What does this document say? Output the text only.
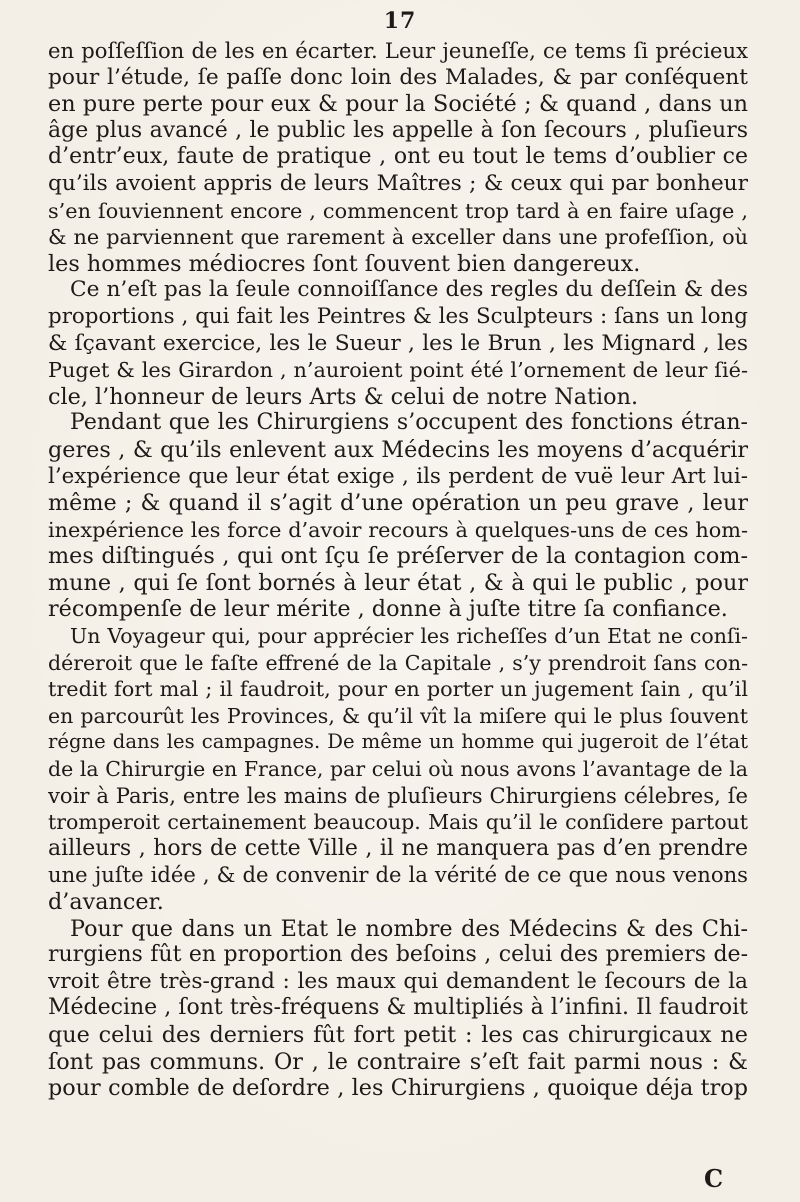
17
en poſſeſſion de les en écarter. Leur jeuneſſe, ce tems ſi précieux
pour l’étude, ſe paſſe donc loin des Malades, & par conſéquent
en pure perte pour eux & pour la Société ; & quand , dans un
âge plus avancé , le public les appelle à ſon ſecours , pluſieurs
d’entr’eux, faute de pratique , ont eu tout le tems d’oublier ce
qu’ils avoient appris de leurs Maîtres ; & ceux qui par bonheur
s’en ſouviennent encore , commencent trop tard à en faire uſage ,
& ne parviennent que rarement à exceller dans une profeſſion, où
les hommes médiocres ſont ſouvent bien dangereux.
Ce n’eſt pas la ſeule connoiſſance des regles du deſſein & des
proportions , qui fait les Peintres & les Sculpteurs : ſans un long
& ſçavant exercice, les le Sueur , les le Brun , les Mignard , les
Puget & les Girardon , n’auroient point été l’ornement de leur ſié-
cle, l’honneur de leurs Arts & celui de notre Nation.
Pendant que les Chirurgiens s’occupent des fonctions étran-
geres , & qu’ils enlevent aux Médecins les moyens d’acquérir
l’expérience que leur état exige , ils perdent de vuë leur Art lui-
même ; & quand il s’agit d’une opération un peu grave , leur
inexpérience les force d’avoir recours à quelques-uns de ces hom-
mes diſtingués , qui ont ſçu ſe préſerver de la contagion com-
mune , qui ſe ſont bornés à leur état , & à qui le public , pour
récompenſe de leur mérite , donne à juſte titre ſa confiance.
Un Voyageur qui, pour apprécier les richeſſes d’un Etat ne conſi-
déreroit que le faſte effrené de la Capitale , s’y prendroit ſans con-
tredit fort mal ; il faudroit, pour en porter un jugement ſain , qu’il
en parcourût les Provinces, & qu’il vît la miſere qui le plus ſouvent
régne dans les campagnes. De même un homme qui jugeroit de l’état
de la Chirurgie en France, par celui où nous avons l’avantage de la
voir à Paris, entre les mains de pluſieurs Chirurgiens célebres, ſe
tromperoit certainement beaucoup. Mais qu’il le conſidere partout
ailleurs , hors de cette Ville , il ne manquera pas d’en prendre
une juſte idée , & de convenir de la vérité de ce que nous venons
d’avancer.
Pour que dans un Etat le nombre des Médecins & des Chi-
rurgiens fût en proportion des beſoins , celui des premiers de-
vroit être très-grand : les maux qui demandent le ſecours de la
Médecine , ſont très-fréquens & multipliés à l’infini. Il faudroit
que celui des derniers fût fort petit : les cas chirurgicaux ne
ſont pas communs. Or , le contraire s’eſt fait parmi nous : &
pour comble de deſordre , les Chirurgiens , quoique déja trop
C
